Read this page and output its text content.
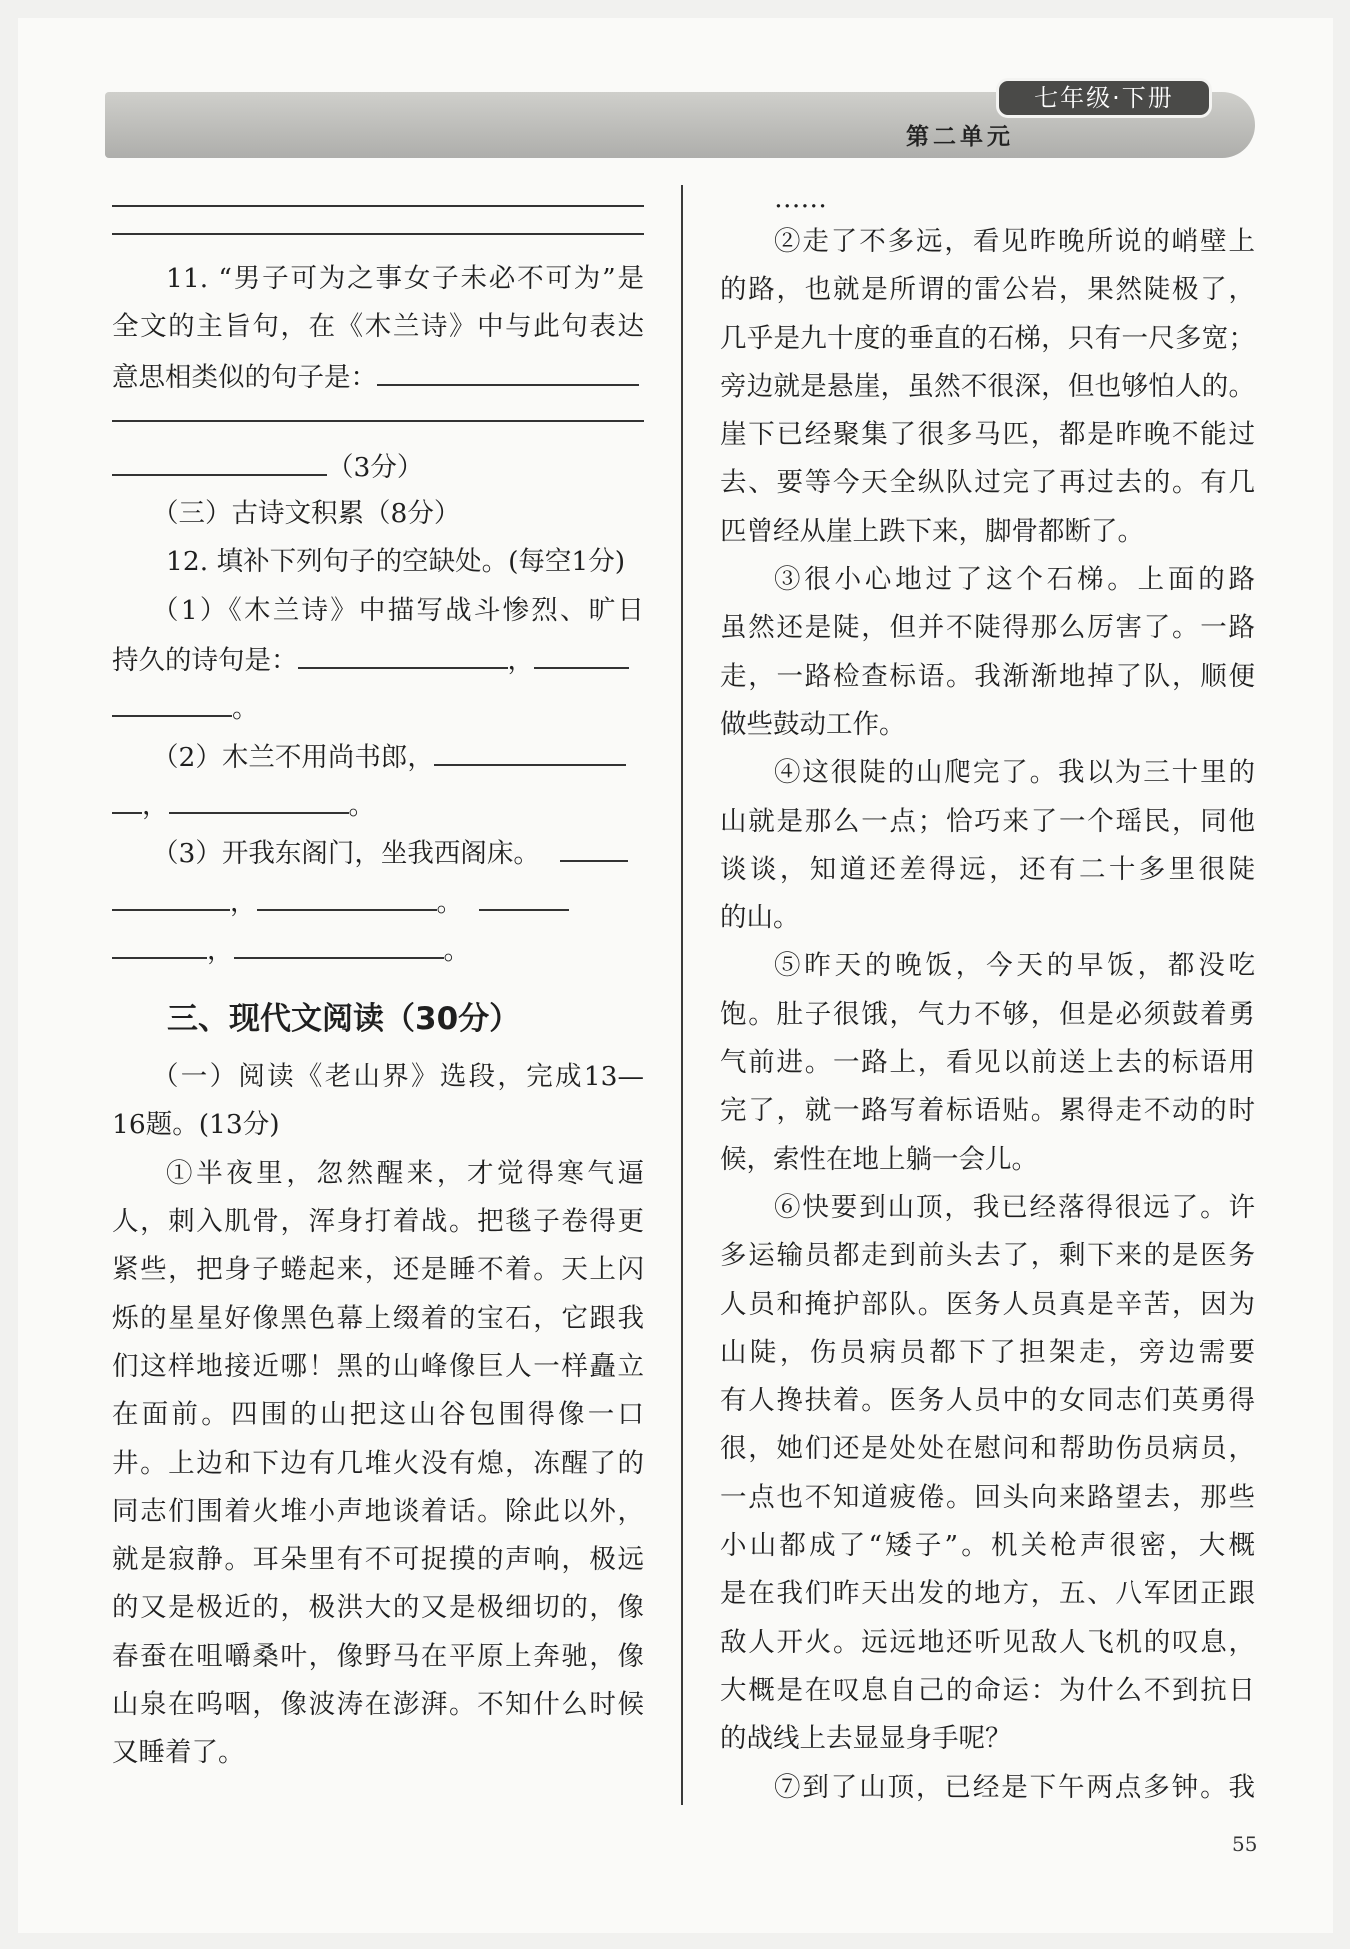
七年级·下册
第二单元
11. “男子可为之事女子未必不可为”是
全文的主旨句，在《木兰诗》中与此句表达
意思相类似的句子是：
（3分）
（三）古诗文积累（8分）
12. 填补下列句子的空缺处。(每空1分)
（1）《木兰诗》中描写战斗惨烈、旷日
持久的诗句是：	，
。
（2）木兰不用尚书郎，
，	。
（3）开我东阁门，坐我西阁床。
，	。
，	。
三、现代文阅读（30分）
（一）阅读《老山界》选段，完成13—
16题。(13分)
①半夜里，忽然醒来，才觉得寒气逼
人，刺入肌骨，浑身打着战。把毯子卷得更
紧些，把身子蜷起来，还是睡不着。天上闪
烁的星星好像黑色幕上缀着的宝石，它跟我
们这样地接近哪！黑的山峰像巨人一样矗立
在面前。四围的山把这山谷包围得像一口
井。上边和下边有几堆火没有熄，冻醒了的
同志们围着火堆小声地谈着话。除此以外，
就是寂静。耳朵里有不可捉摸的声响，极远
的又是极近的，极洪大的又是极细切的，像
春蚕在咀嚼桑叶，像野马在平原上奔驰，像
山泉在呜咽，像波涛在澎湃。不知什么时候
又睡着了。
……
②走了不多远，看见昨晚所说的峭壁上
的路，也就是所谓的雷公岩，果然陡极了，
几乎是九十度的垂直的石梯，只有一尺多宽；
旁边就是悬崖，虽然不很深，但也够怕人的。
崖下已经聚集了很多马匹，都是昨晚不能过
去、要等今天全纵队过完了再过去的。有几
匹曾经从崖上跌下来，脚骨都断了。
③很小心地过了这个石梯。上面的路
虽然还是陡，但并不陡得那么厉害了。一路
走，一路检查标语。我渐渐地掉了队，顺便
做些鼓动工作。
④这很陡的山爬完了。我以为三十里的
山就是那么一点；恰巧来了一个瑶民，同他
谈谈，知道还差得远，还有二十多里很陡
的山。
⑤昨天的晚饭，今天的早饭，都没吃
饱。肚子很饿，气力不够，但是必须鼓着勇
气前进。一路上，看见以前送上去的标语用
完了，就一路写着标语贴。累得走不动的时
候，索性在地上躺一会儿。
⑥快要到山顶，我已经落得很远了。许
多运输员都走到前头去了，剩下来的是医务
人员和掩护部队。医务人员真是辛苦，因为
山陡，伤员病员都下了担架走，旁边需要
有人搀扶着。医务人员中的女同志们英勇得
很，她们还是处处在慰问和帮助伤员病员，
一点也不知道疲倦。回头向来路望去，那些
小山都成了“矮子”。机关枪声很密，大概
是在我们昨天出发的地方，五、八军团正跟
敌人开火。远远地还听见敌人飞机的叹息，
大概是在叹息自己的命运：为什么不到抗日
的战线上去显显身手呢？
⑦到了山顶，已经是下午两点多钟。我
55
